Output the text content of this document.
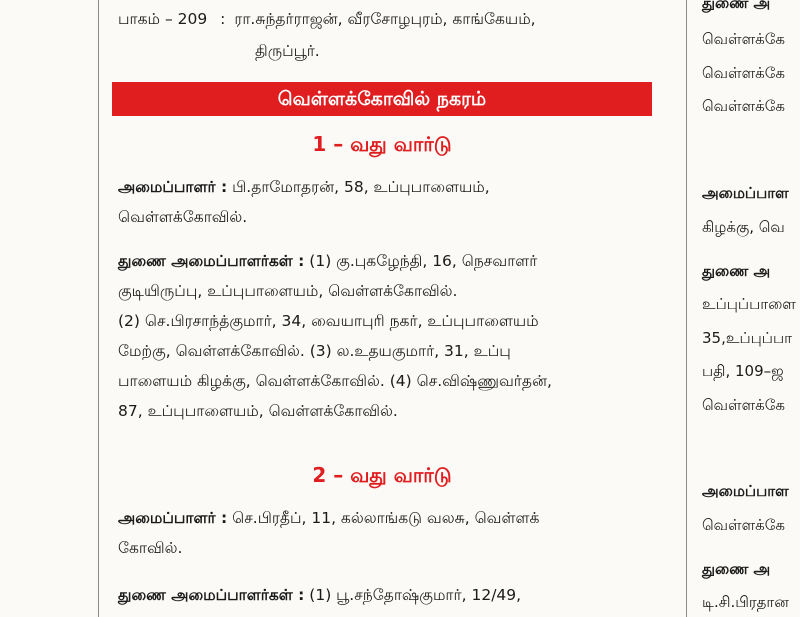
பாகம் – 209 : ரா.சுந்தர்ராஜன், வீரசோழபுரம், காங்கேயம்,

திருப்பூர்.

வெள்ளக்கோவில் நகரம்
1 – வது வார்டு

அமைப்பாளர் : பி.தாமோதரன், 58, உப்புபாளையம்,
வெள்ளக்கோவில்.

துணை அமைப்பாளர்கள் : (1) கு.புகழேந்தி, 16, நெசவாளர்
குடியிருப்பு, உப்புபாளையம், வெள்ளக்கோவில்.
(2) செ.பிரசாந்த்குமார், 34, வையாபுரி நகர், உப்புபாளையம்
மேற்கு, வெள்ளக்கோவில். (3) ல.உதயகுமார், 31, உப்பு
பாளையம் கிழக்கு, வெள்ளக்கோவில். (4) செ.விஷ்ணுவர்தன்,
87, உப்புபாளையம், வெள்ளக்கோவில்.

2 – வது வார்டு

அமைப்பாளர் : செ.பிரதீப், 11, கல்லாங்கடு வலசு, வெள்ளக்
கோவில்.

துணை அமைப்பாளர்கள் : (1) பூ.சந்தோஷ்குமார், 12/49,

துணை அ
வெள்ளக்கே
வெள்ளக்கே
வெள்ளக்கே
அமைப்பாள
கிழக்கு, வெ
துணை அ
உப்புப்பாளை
35,உப்புப்பா
பதி, 109–ஜ
வெள்ளக்கே
அமைப்பாள
வெள்ளக்கே
துணை அ
டி.சி.பிரதான
